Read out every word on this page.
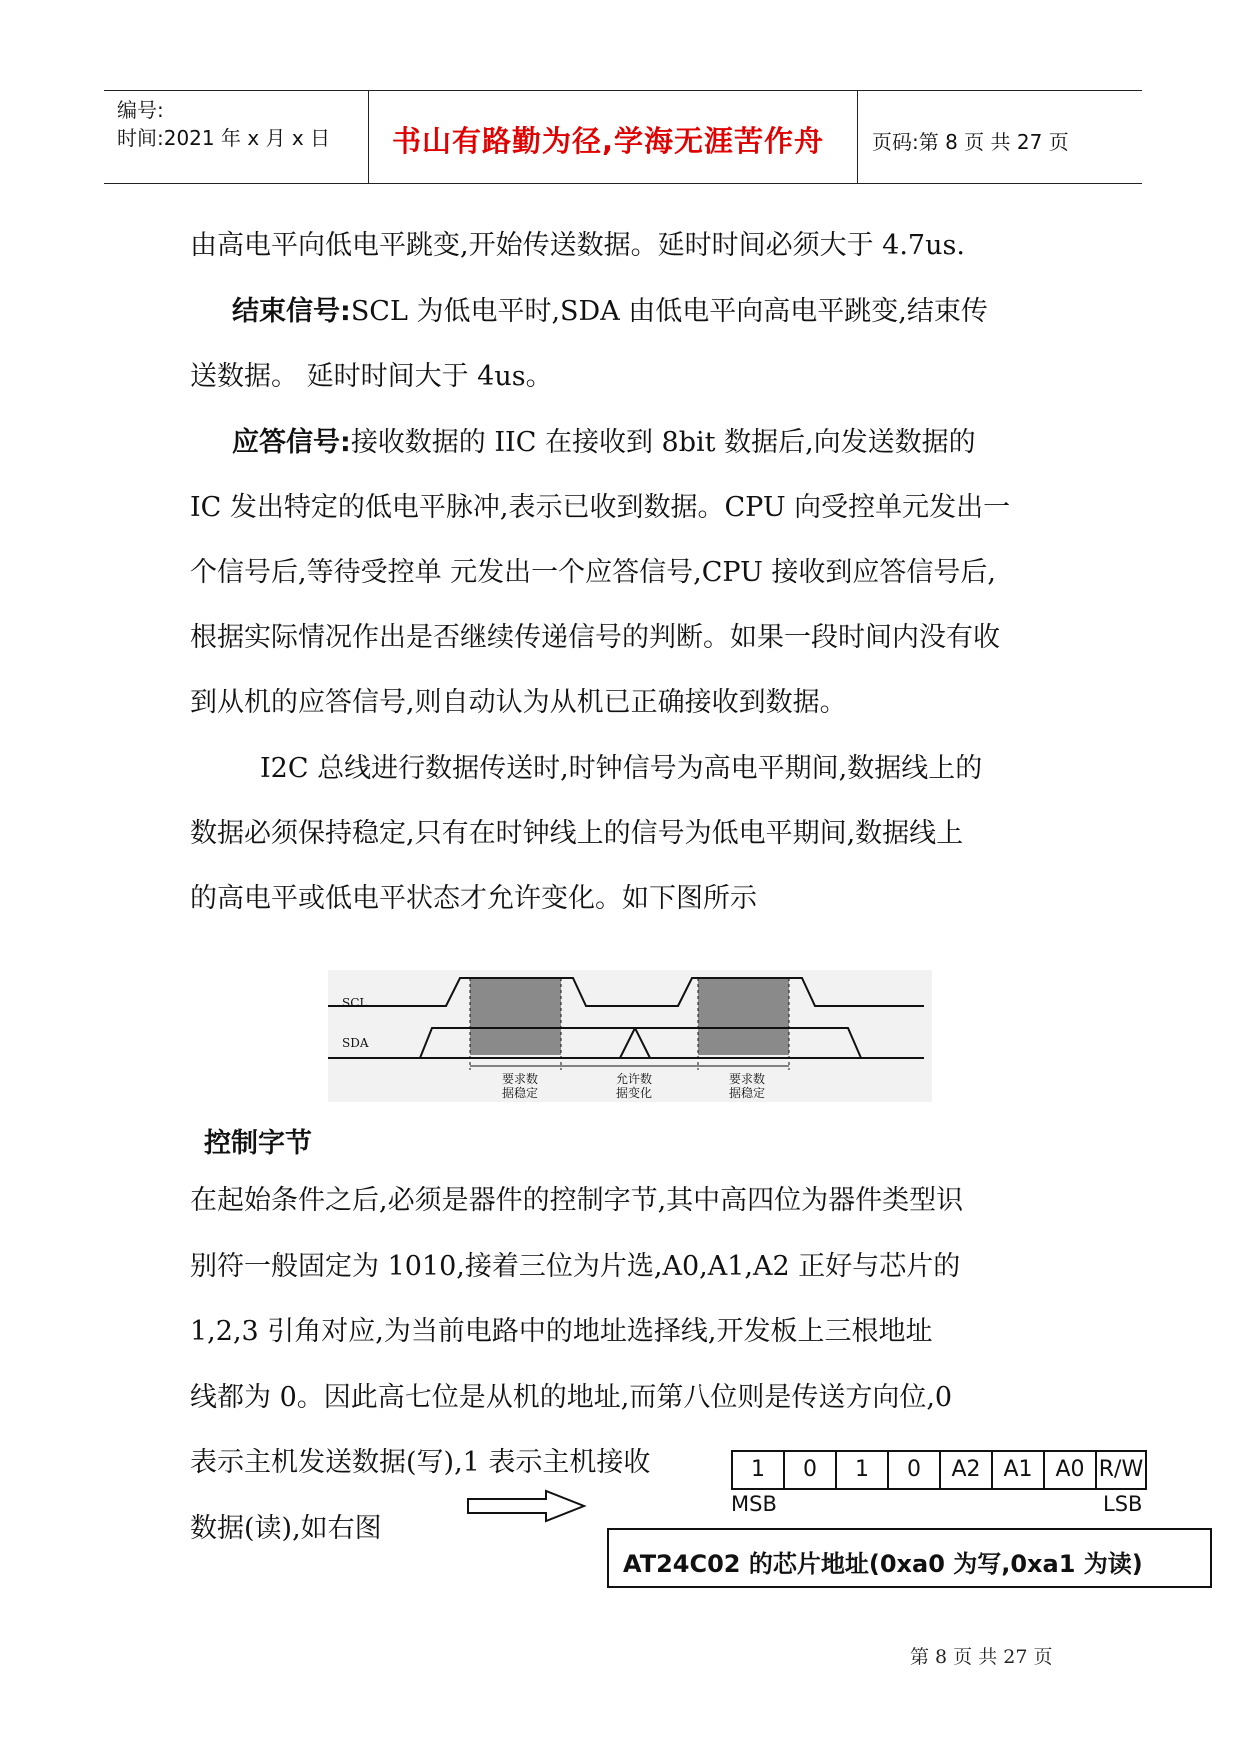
编号:
时间:2021 年 x 月 x 日 书山有路勤为径,学海无涯苦作舟 页码:第 8 页 共 27 页
由高电平向低电平跳变,开始传送数据。延时时间必须大于 4.7us.
结束信号:SCL 为低电平时,SDA 由低电平向高电平跳变,结束传
送数据。 延时时间大于 4us。
应答信号:接收数据的 IIC 在接收到 8bit 数据后,向发送数据的
IC 发出特定的低电平脉冲,表示已收到数据。CPU 向受控单元发出一
个信号后,等待受控单 元发出一个应答信号,CPU 接收到应答信号后,
根据实际情况作出是否继续传递信号的判断。如果一段时间内没有收
到从机的应答信号,则自动认为从机已正确接收到数据。
I2C 总线进行数据传送时,时钟信号为高电平期间,数据线上的
数据必须保持稳定,只有在时钟线上的信号为低电平期间,数据线上
的高电平或低电平状态才允许变化。如下图所示
SCL
SDA
要求数
据稳定
允许数
据变化
要求数
据稳定
控制字节
在起始条件之后,必须是器件的控制字节,其中高四位为器件类型识
别符一般固定为 1010,接着三位为片选,A0,A1,A2 正好与芯片的
1,2,3 引角对应,为当前电路中的地址选择线,开发板上三根地址
线都为 0。因此高七位是从机的地址,而第八位则是传送方向位,0
表示主机发送数据(写),1 表示主机接收
数据(读),如右图
1	0	1	0	A2	A1	A0 R/W
MSB	LSB
AT24C02 的芯片地址(0xa0 为写,0xa1 为读)
第 8 页 共 27 页
